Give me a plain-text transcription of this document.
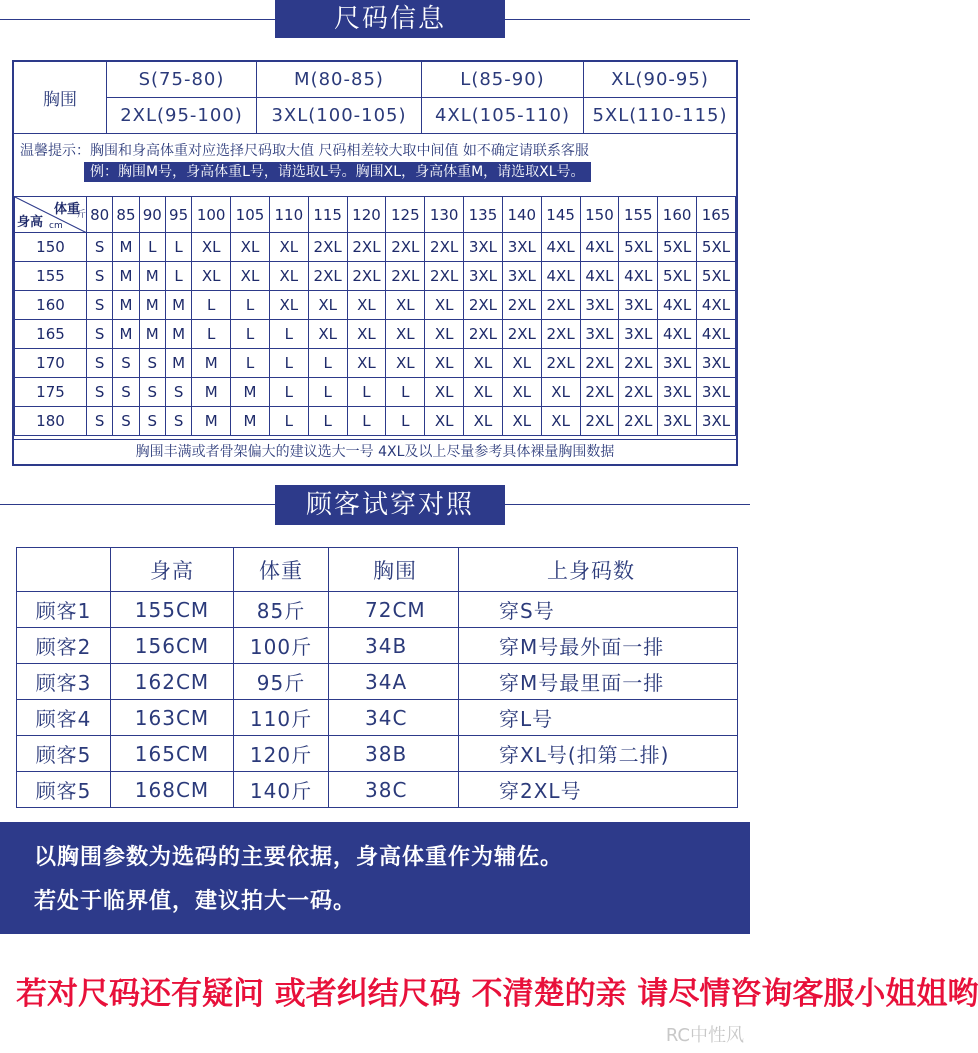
尺码信息
胸围
S(75-80)	M(80-85)	L(85-90)	XL(90-95)
2XL(95-100)	3XL(100-105)	4XL(105-110)	5XL(110-115)
温馨提示：胸围和身高体重对应选择尺码取大值 尺码相差较大取中间值 如不确定请联系客服
例：胸围M号，身高体重L号，请选取L号。胸围XL，身高体重M，请选取XL号。
体重
斤
身高 cm	80	85	90	95	100	105	110	115	120	125	130	135	140	145	150	155	160	165
150	S	M	L	L	XL	XL	XL	2XL	2XL	2XL	2XL	3XL	3XL	4XL	4XL	5XL	5XL	5XL
155	S	M	M	L	XL	XL	XL	2XL	2XL	2XL	2XL	3XL	3XL	4XL	4XL	4XL	5XL	5XL
160	S	M	M	M	L	L	XL	XL	XL	XL	XL	2XL	2XL	2XL	3XL	3XL	4XL	4XL
165	S	M	M	M	L	L	L	XL	XL	XL	XL	2XL	2XL	2XL	3XL	3XL	4XL	4XL
170	S	S	S	M	M	L	L	L	XL	XL	XL	XL	XL	2XL	2XL	2XL	3XL	3XL
175	S	S	S	S	M	M	L	L	L	L	XL	XL	XL	XL	2XL	2XL	3XL	3XL
180	S	S	S	S	M	M	L	L	L	L	XL	XL	XL	XL	2XL	2XL	3XL	3XL
胸围丰满或者骨架偏大的建议选大一号 4XL及以上尽量参考具体裸量胸围数据
顾客试穿对照
	身高	体重	胸围	上身码数
顾客1	155CM	85斤	72CM	穿S号
顾客2	156CM	100斤	34B	穿M号最外面一排
顾客3	162CM	95斤	34A	穿M号最里面一排
顾客4	163CM	110斤	34C	穿L号
顾客5	165CM	120斤	38B	穿XL号(扣第二排)
顾客5	168CM	140斤	38C	穿2XL号
以胸围参数为选码的主要依据，身高体重作为辅佐。
若处于临界值，建议拍大一码。
若对尺码还有疑问 或者纠结尺码 不清楚的亲 请尽情咨询客服小姐姐哟
RC中性风
